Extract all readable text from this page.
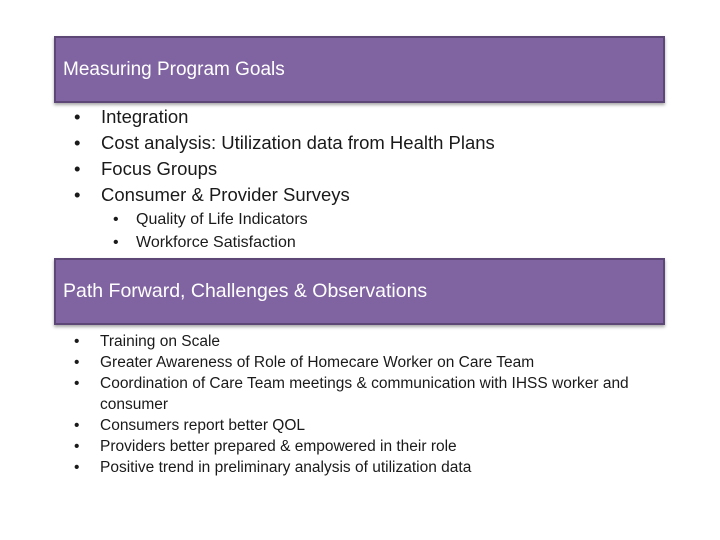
Measuring Program Goals
• Integration
• Cost analysis: Utilization data from Health Plans
• Focus Groups
• Consumer & Provider Surveys
• Quality of Life Indicators
• Workforce Satisfaction
Path Forward, Challenges & Observations
• Training on Scale
• Greater Awareness of Role of Homecare Worker on Care Team
• Coordination of Care Team meetings & communication with IHSS worker and consumer
• Consumers report better QOL
• Providers better prepared & empowered in their role
• Positive trend in preliminary analysis of utilization data
